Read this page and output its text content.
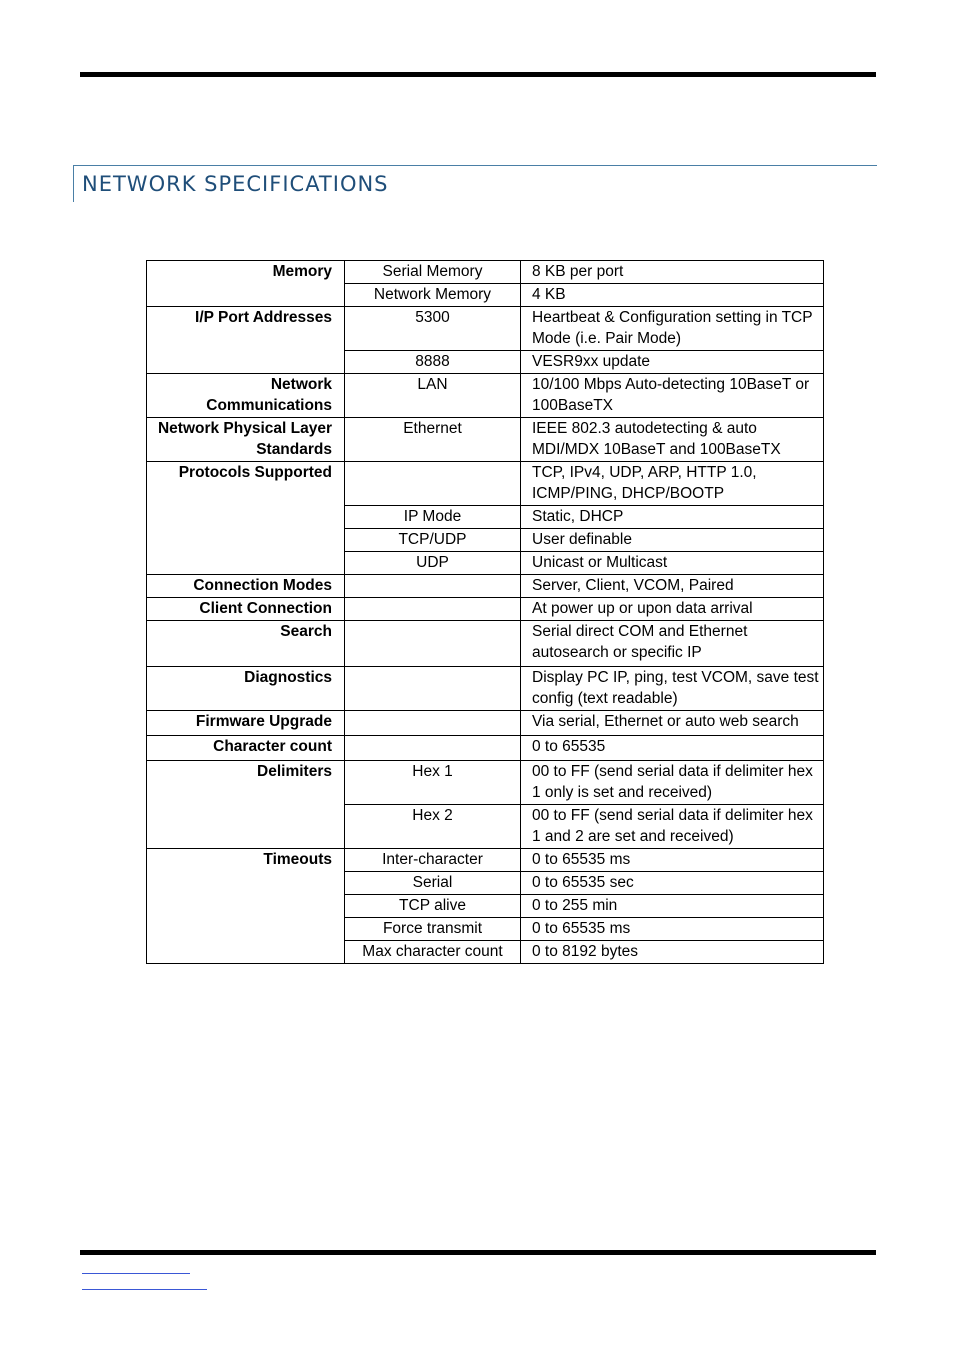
NETWORK SPECIFICATIONS
Memory	Serial Memory	8 KB per port
	Network Memory	4 KB
I/P Port Addresses	5300	Heartbeat & Configuration setting in TCP Mode (i.e. Pair Mode)
	8888	VESR9xx update
Network Communications	LAN	10/100 Mbps Auto-detecting 10BaseT or 100BaseTX
Network Physical Layer Standards	Ethernet	IEEE 802.3 autodetecting & auto MDI/MDX 10BaseT and 100BaseTX
Protocols Supported		TCP, IPv4, UDP, ARP, HTTP 1.0, ICMP/PING, DHCP/BOOTP
	IP Mode	Static, DHCP
	TCP/UDP	User definable
	UDP	Unicast or Multicast
Connection Modes		Server, Client, VCOM, Paired
Client Connection		At power up or upon data arrival
Search		Serial direct COM and Ethernet autosearch or specific IP
Diagnostics		Display PC IP, ping, test VCOM, save test config (text readable)
Firmware Upgrade		Via serial, Ethernet or auto web search
Character count		0 to 65535
Delimiters	Hex 1	00 to FF (send serial data if delimiter hex 1 only is set and received)
	Hex 2	00 to FF (send serial data if delimiter hex 1 and 2 are set and received)
Timeouts	Inter-character	0 to 65535 ms
	Serial	0 to 65535 sec
	TCP alive	0 to 255 min
	Force transmit	0 to 65535 ms
	Max character count	0 to 8192 bytes
